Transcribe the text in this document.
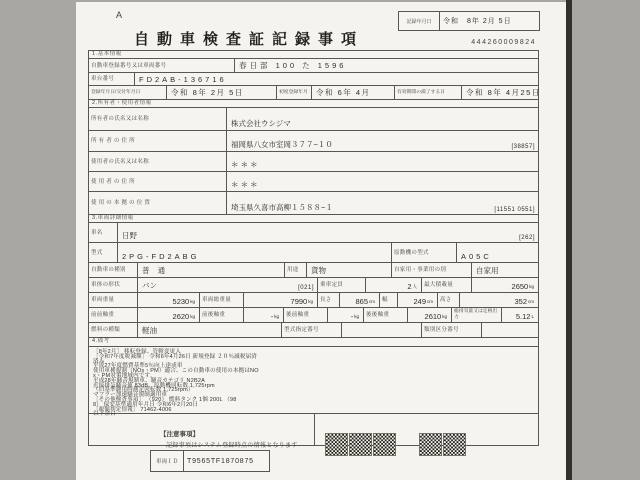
A
記録年月日	令和　8年 2月 5日
自動車検査証記録事項	444260009824
1.基本情報
自動車登録番号又は車両番号	春日部 100 た 1596
車台番号	FD2AB-136716
登録年月日/交付年月日	令和 8年 2月 5日	初度登録年月	令和 6年 4月	有効期間の満了する日	令和 8年 4月25日
2.所有者・使用者情報
所有者の氏名又は名称	株式会社ウシジマ
所 有 者 の 住 所	福岡県八女市室岡３７７−１０	[38857]
使用者の氏名又は名称	＊ ＊ ＊
使 用 者 の 住 所	＊ ＊ ＊
使 用 の 本 拠 の 位 置	埼玉県久喜市高柳１５８８−１	[11551 0551]
3.車両詳細情報
車名	日野	[262]
型式	2PG-FD2ABG	原動機の型式	A05C
自動車の種別	普 通	用途	貨物	自家用・事業用の別	自家用
車体の形状	バン	[021]	乗車定員	2 人	最大積載量	2650 kg
車両重量	5230 kg	車両総重量	7990 kg	長さ	865 cm	幅	249 cm	高さ	352 cm
前前軸重	2620 kg	前後軸重	- kg	後前軸重	- kg	後後軸重	2610 kg
総排気量又は定格出力	5.12 L
燃料の種類	軽油	型式指定番号	類別区分番号
4.備考
［8年2月］ 移転登録、管轄変更入
［令和7年度税減額］ 令和6年4月26日 新規登録 ２０％減税届済
済み
平成27年度燃費基準5％向上達成車
使用車種規制（NOx・PM）適合、この自動車の使用の本拠はNO
x・PM対策地域内です。
平成28年騒音規制車、騒音カテゴリ N2B2A
近接排気騒音値 83dB、原動機回転数 1,725rpm
（旧基準適用時測定回転数 1,725rpm）
マフラー加速騒音規制適用車
［その他検査事項］ （920） 燃料タンク 1個 200L （98
8） 保安基準適用年月日 令和6年2月20日
［税額判定情報］ 71462-4006
以下余白
【注意事項】
記録事項はシステム登録時点の情報となります
車両ＩＤ	T9565TF1870875
